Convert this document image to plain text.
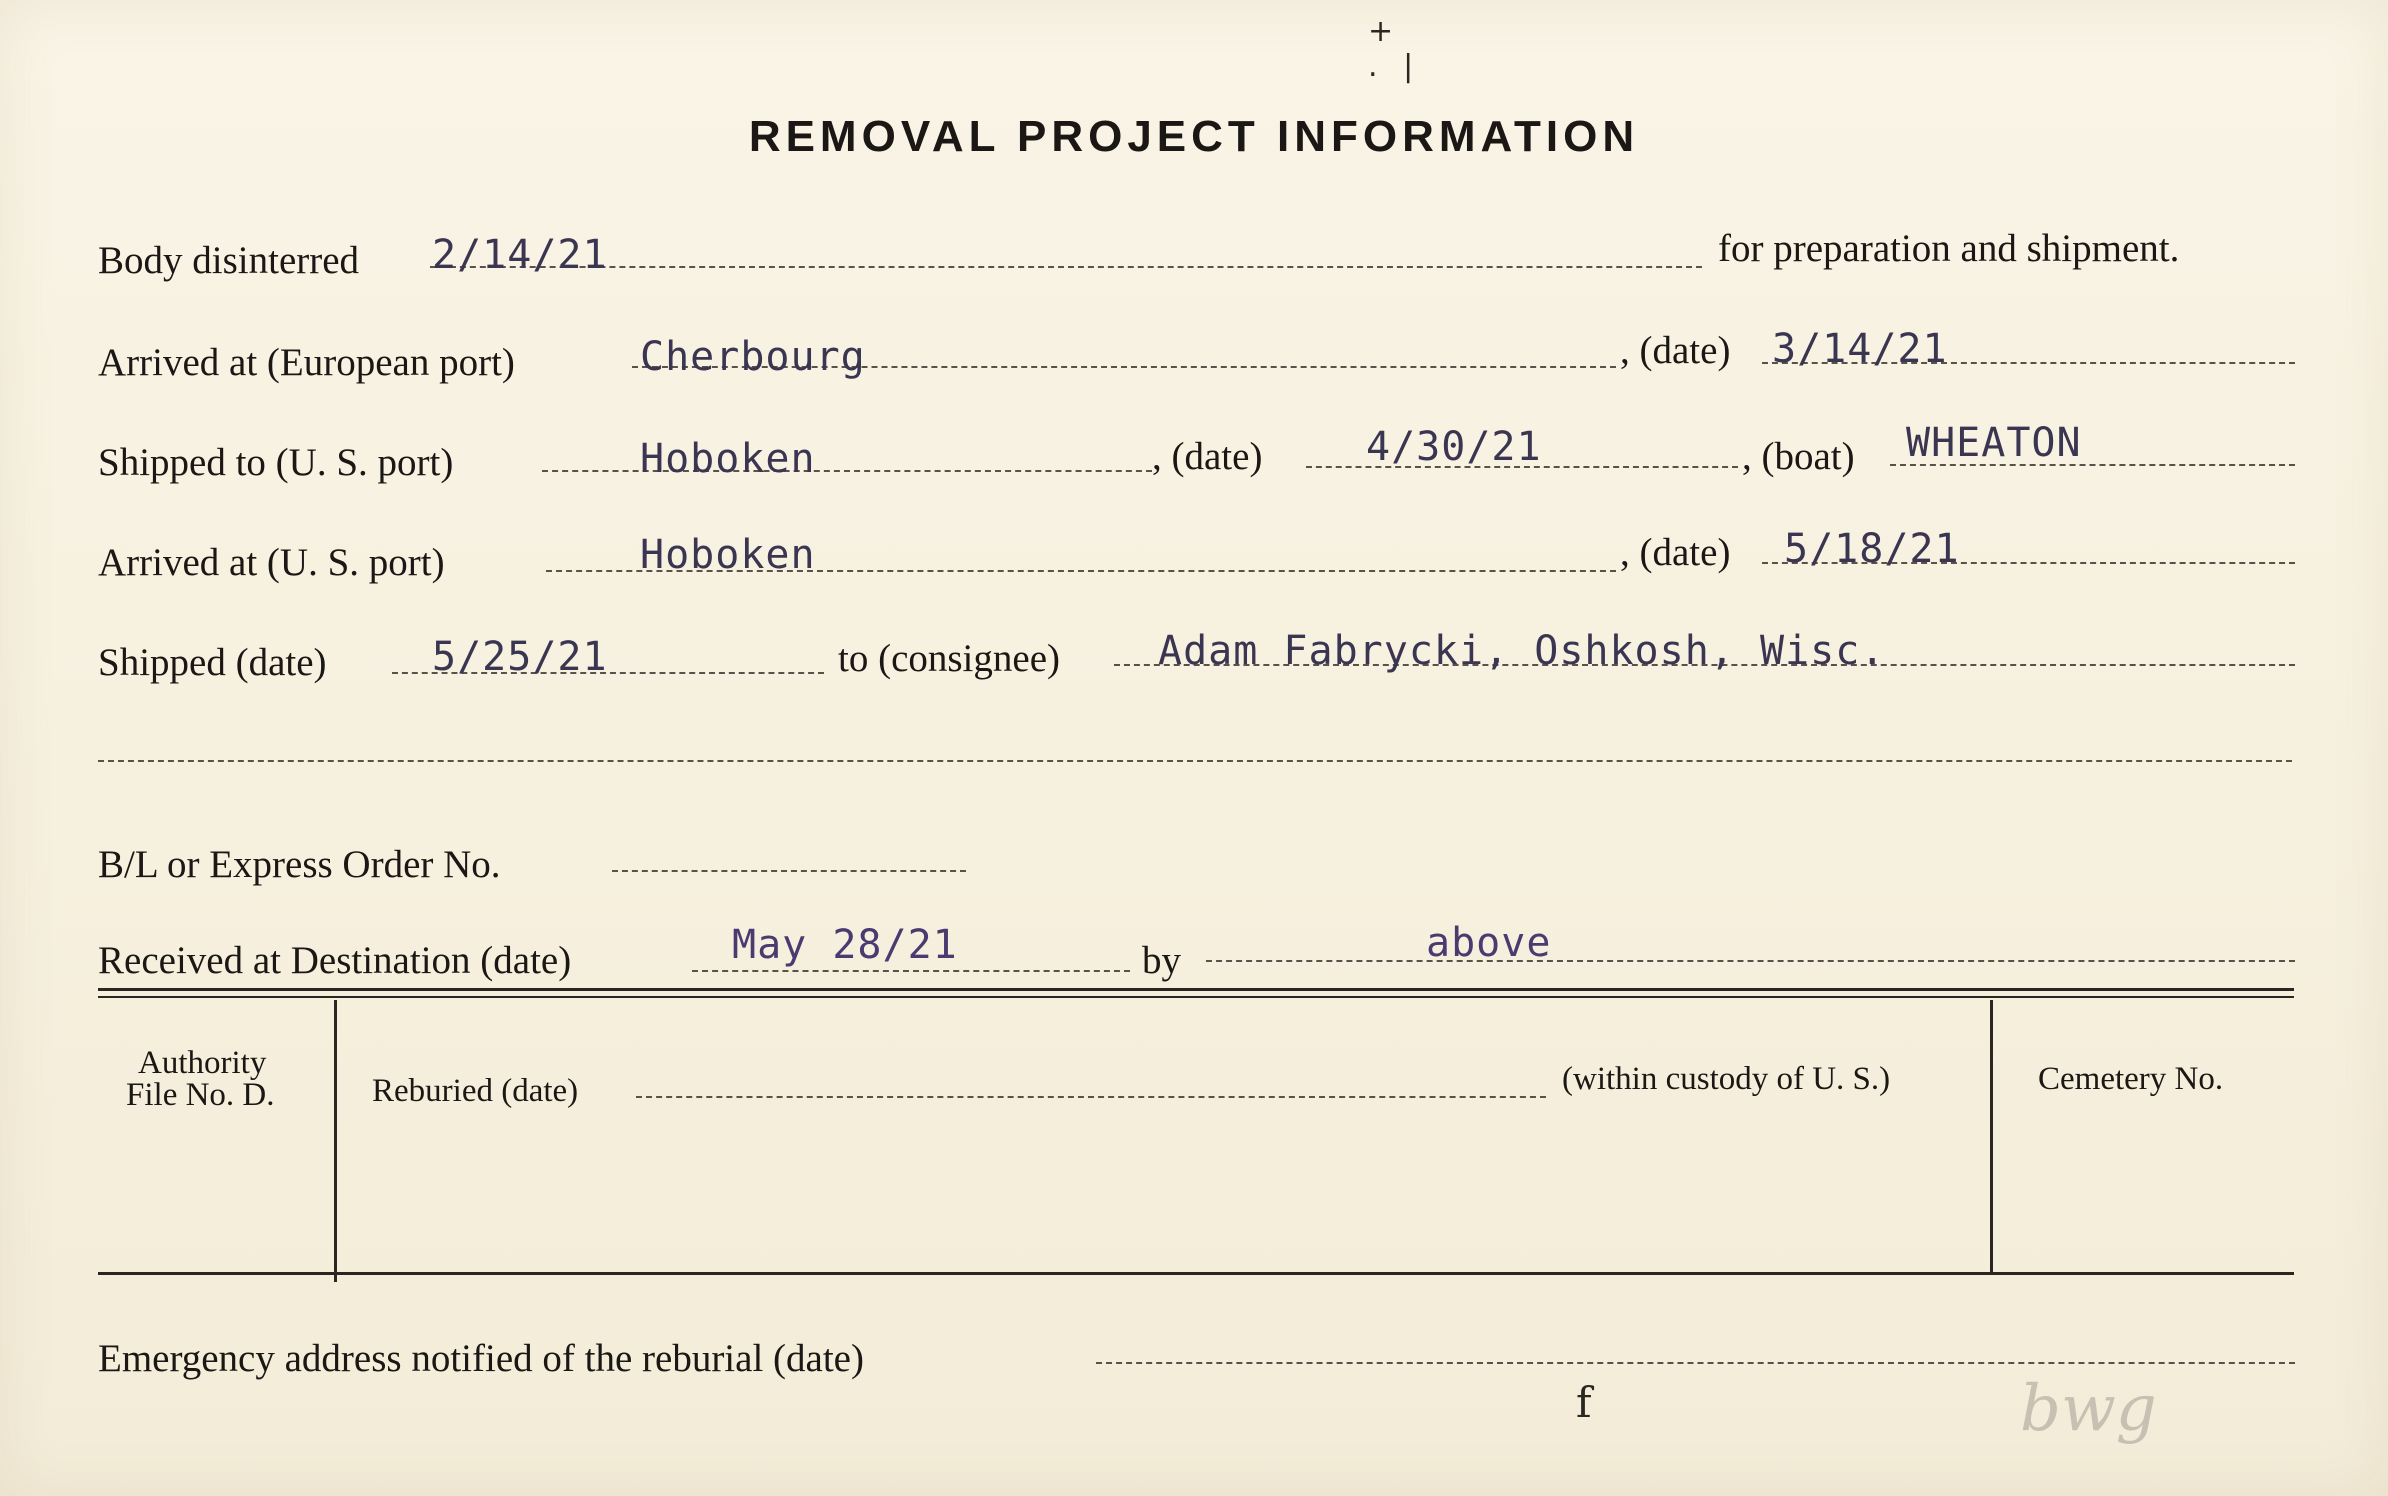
+ . |
REMOVAL PROJECT INFORMATION
Body disinterred 2/14/21	for preparation and shipment.
Arrived at (European port)	Cherbourg	, (date) 3/14/21
Shipped to (U. S. port)	Hoboken	, (date)	4/30/21	, (boat) WHEATON
Arrived at (U. S. port)	Hoboken	, (date) 5/18/21
Shipped (date)	5/25/21	to (consignee) Adam Fabrycki, Oshkosh, Wisc.
B/L or Express Order No.
Received at Destination (date)	May 28/21	by	above
Authority
File No. D.	Reburied (date)	(within custody of U. S.)	Cemetery No.
Emergency address notified of the reburial (date)
f	bwg
